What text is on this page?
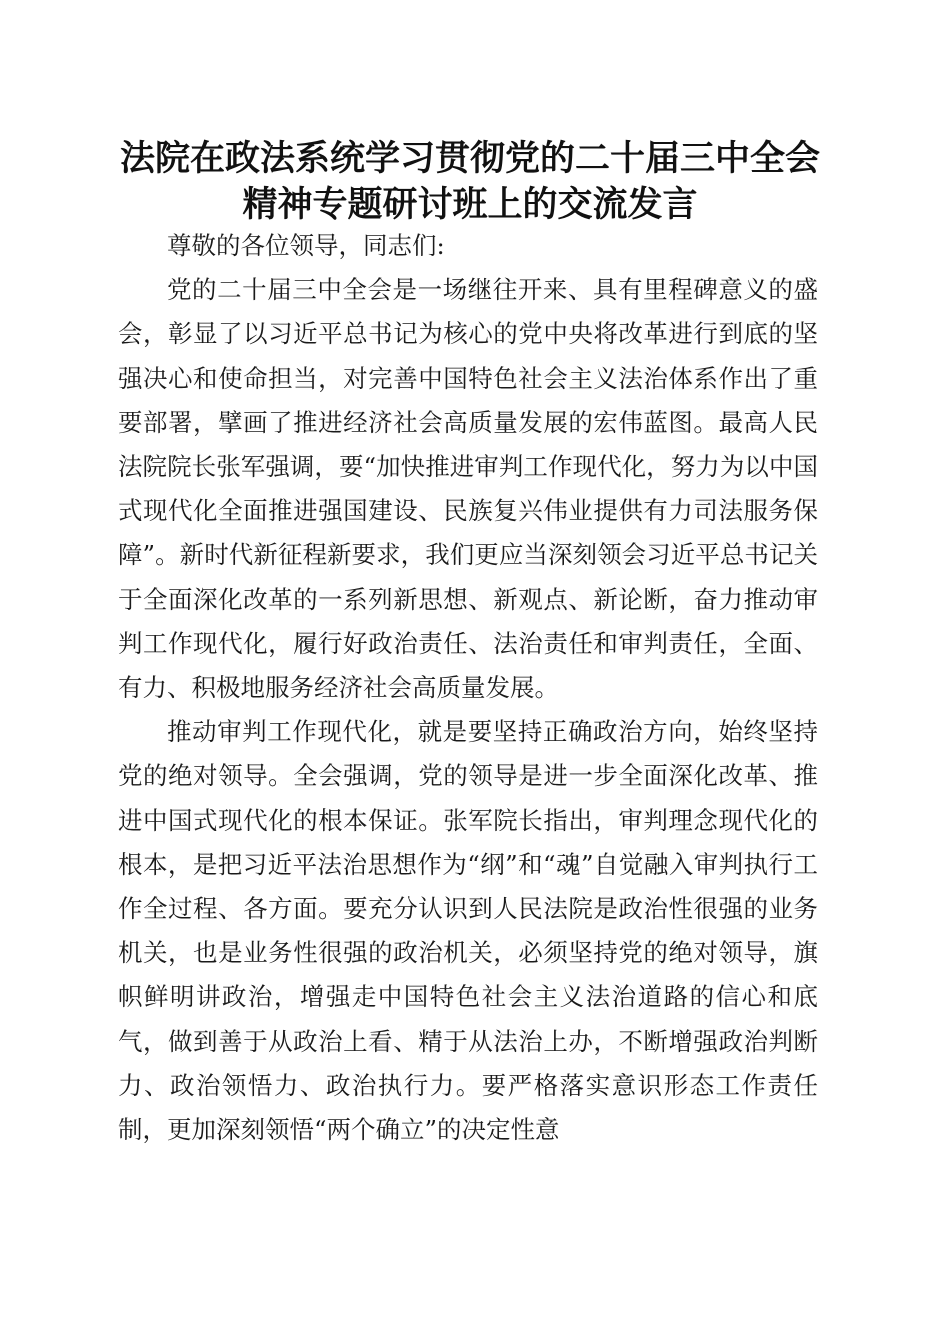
法院在政法系统学习贯彻党的二十届三中全会
精神专题研讨班上的交流发言

尊敬的各位领导，同志们:

党的二十届三中全会是一场继往开来、具有里程碑意义的盛会，彰显了以习近平总书记为核心的党中央将改革进行到底的坚强决心和使命担当，对完善中国特色社会主义法治体系作出了重要部署，擘画了推进经济社会高质量发展的宏伟蓝图。最高人民法院院长张军强调，要“加快推进审判工作现代化，努力为以中国式现代化全面推进强国建设、民族复兴伟业提供有力司法服务保障”。新时代新征程新要求，我们更应当深刻领会习近平总书记关于全面深化改革的一系列新思想、新观点、新论断，奋力推动审判工作现代化，履行好政治责任、法治责任和审判责任，全面、有力、积极地服务经济社会高质量发展。

推动审判工作现代化，就是要坚持正确政治方向，始终坚持党的绝对领导。全会强调，党的领导是进一步全面深化改革、推进中国式现代化的根本保证。张军院长指出，审判理念现代化的根本，是把习近平法治思想作为“纲”和“魂”自觉融入审判执行工作全过程、各方面。要充分认识到人民法院是政治性很强的业务机关，也是业务性很强的政治机关，必须坚持党的绝对领导，旗帜鲜明讲政治，增强走中国特色社会主义法治道路的信心和底气，做到善于从政治上看、精于从法治上办，不断增强政治判断力、政治领悟力、政治执行力。要严格落实意识形态工作责任制，更加深刻领悟“两个确立”的决定性意
